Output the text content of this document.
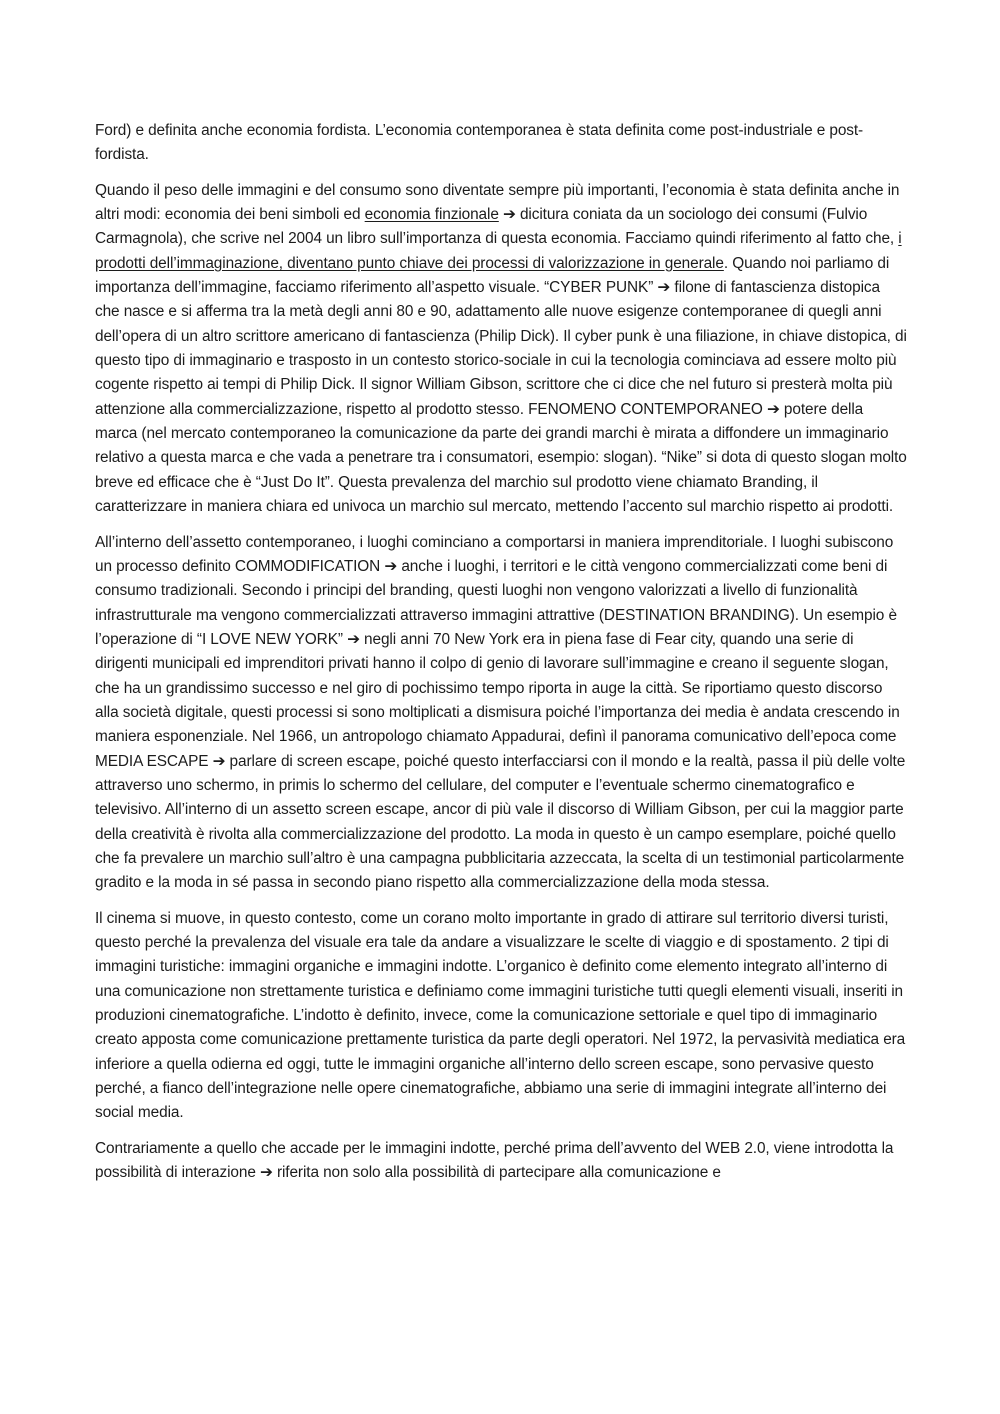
Ford) e definita anche economia fordista. L’economia contemporanea è stata definita come post-industriale e post-fordista.

Quando il peso delle immagini e del consumo sono diventate sempre più importanti, l’economia è stata definita anche in altri modi: economia dei beni simboli ed economia finzionale ➔ dicitura coniata da un sociologo dei consumi (Fulvio Carmagnola), che scrive nel 2004 un libro sull’importanza di questa economia. Facciamo quindi riferimento al fatto che, i prodotti dell’immaginazione, diventano punto chiave dei processi di valorizzazione in generale. Quando noi parliamo di importanza dell’immagine, facciamo riferimento all’aspetto visuale. “CYBER PUNK” ➔ filone di fantascienza distopica che nasce e si afferma tra la metà degli anni 80 e 90, adattamento alle nuove esigenze contemporanee di quegli anni dell’opera di un altro scrittore americano di fantascienza (Philip Dick). Il cyber punk è una filiazione, in chiave distopica, di questo tipo di immaginario e trasposto in un contesto storico-sociale in cui la tecnologia cominciava ad essere molto più cogente rispetto ai tempi di Philip Dick. Il signor William Gibson, scrittore che ci dice che nel futuro si presterà molta più attenzione alla commercializzazione, rispetto al prodotto stesso. FENOMENO CONTEMPORANEO ➔ potere della marca (nel mercato contemporaneo la comunicazione da parte dei grandi marchi è mirata a diffondere un immaginario relativo a questa marca e che vada a penetrare tra i consumatori, esempio: slogan). “Nike” si dota di questo slogan molto breve ed efficace che è “Just Do It”. Questa prevalenza del marchio sul prodotto viene chiamato Branding, il caratterizzare in maniera chiara ed univoca un marchio sul mercato, mettendo l’accento sul marchio rispetto ai prodotti.

All’interno dell’assetto contemporaneo, i luoghi cominciano a comportarsi in maniera imprenditoriale. I luoghi subiscono un processo definito COMMODIFICATION ➔ anche i luoghi, i territori e le città vengono commercializzati come beni di consumo tradizionali. Secondo i principi del branding, questi luoghi non vengono valorizzati a livello di funzionalità infrastrutturale ma vengono commercializzati attraverso immagini attrattive (DESTINATION BRANDING). Un esempio è l’operazione di “I LOVE NEW YORK” ➔ negli anni 70 New York era in piena fase di Fear city, quando una serie di dirigenti municipali ed imprenditori privati hanno il colpo di genio di lavorare sull’immagine e creano il seguente slogan, che ha un grandissimo successo e nel giro di pochissimo tempo riporta in auge la città. Se riportiamo questo discorso alla società digitale, questi processi si sono moltiplicati a dismisura poiché l’importanza dei media è andata crescendo in maniera esponenziale. Nel 1966, un antropologo chiamato Appadurai, definì il panorama comunicativo dell’epoca come MEDIA ESCAPE ➔ parlare di screen escape, poiché questo interfacciarsi con il mondo e la realtà, passa il più delle volte attraverso uno schermo, in primis lo schermo del cellulare, del computer e l’eventuale schermo cinematografico e televisivo. All’interno di un assetto screen escape, ancor di più vale il discorso di William Gibson, per cui la maggior parte della creatività è rivolta alla commercializzazione del prodotto. La moda in questo è un campo esemplare, poiché quello che fa prevalere un marchio sull’altro è una campagna pubblicitaria azzeccata, la scelta di un testimonial particolarmente gradito e la moda in sé passa in secondo piano rispetto alla commercializzazione della moda stessa.

Il cinema si muove, in questo contesto, come un corano molto importante in grado di attirare sul territorio diversi turisti, questo perché la prevalenza del visuale era tale da andare a visualizzare le scelte di viaggio e di spostamento. 2 tipi di immagini turistiche: immagini organiche e immagini indotte. L’organico è definito come elemento integrato all’interno di una comunicazione non strettamente turistica e definiamo come immagini turistiche tutti quegli elementi visuali, inseriti in produzioni cinematografiche. L’indotto è definito, invece, come la comunicazione settoriale e quel tipo di immaginario creato apposta come comunicazione prettamente turistica da parte degli operatori. Nel 1972, la pervasività mediatica era inferiore a quella odierna ed oggi, tutte le immagini organiche all’interno dello screen escape, sono pervasive questo perché, a fianco dell’integrazione nelle opere cinematografiche, abbiamo una serie di immagini integrate all’interno dei social media.

Contrariamente a quello che accade per le immagini indotte, perché prima dell’avvento del WEB 2.0, viene introdotta la possibilità di interazione ➔ riferita non solo alla possibilità di partecipare alla comunicazione e
